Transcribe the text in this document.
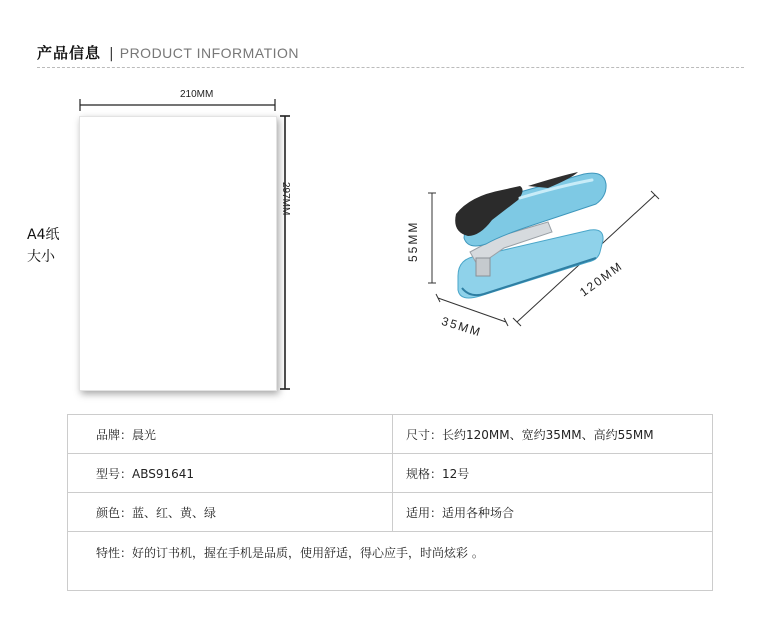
产品信息 | PRODUCT INFORMATION
A4纸
大小
210MM
297MM
55MM
35MM
120MM
品牌：晨光	尺寸：长约120MM、宽约35MM、高约55MM
型号：ABS91641	规格：12号
颜色：蓝、红、黄、绿	适用：适用各种场合
特性：好的订书机，握在手机是品质，使用舒适，得心应手，时尚炫彩 。
